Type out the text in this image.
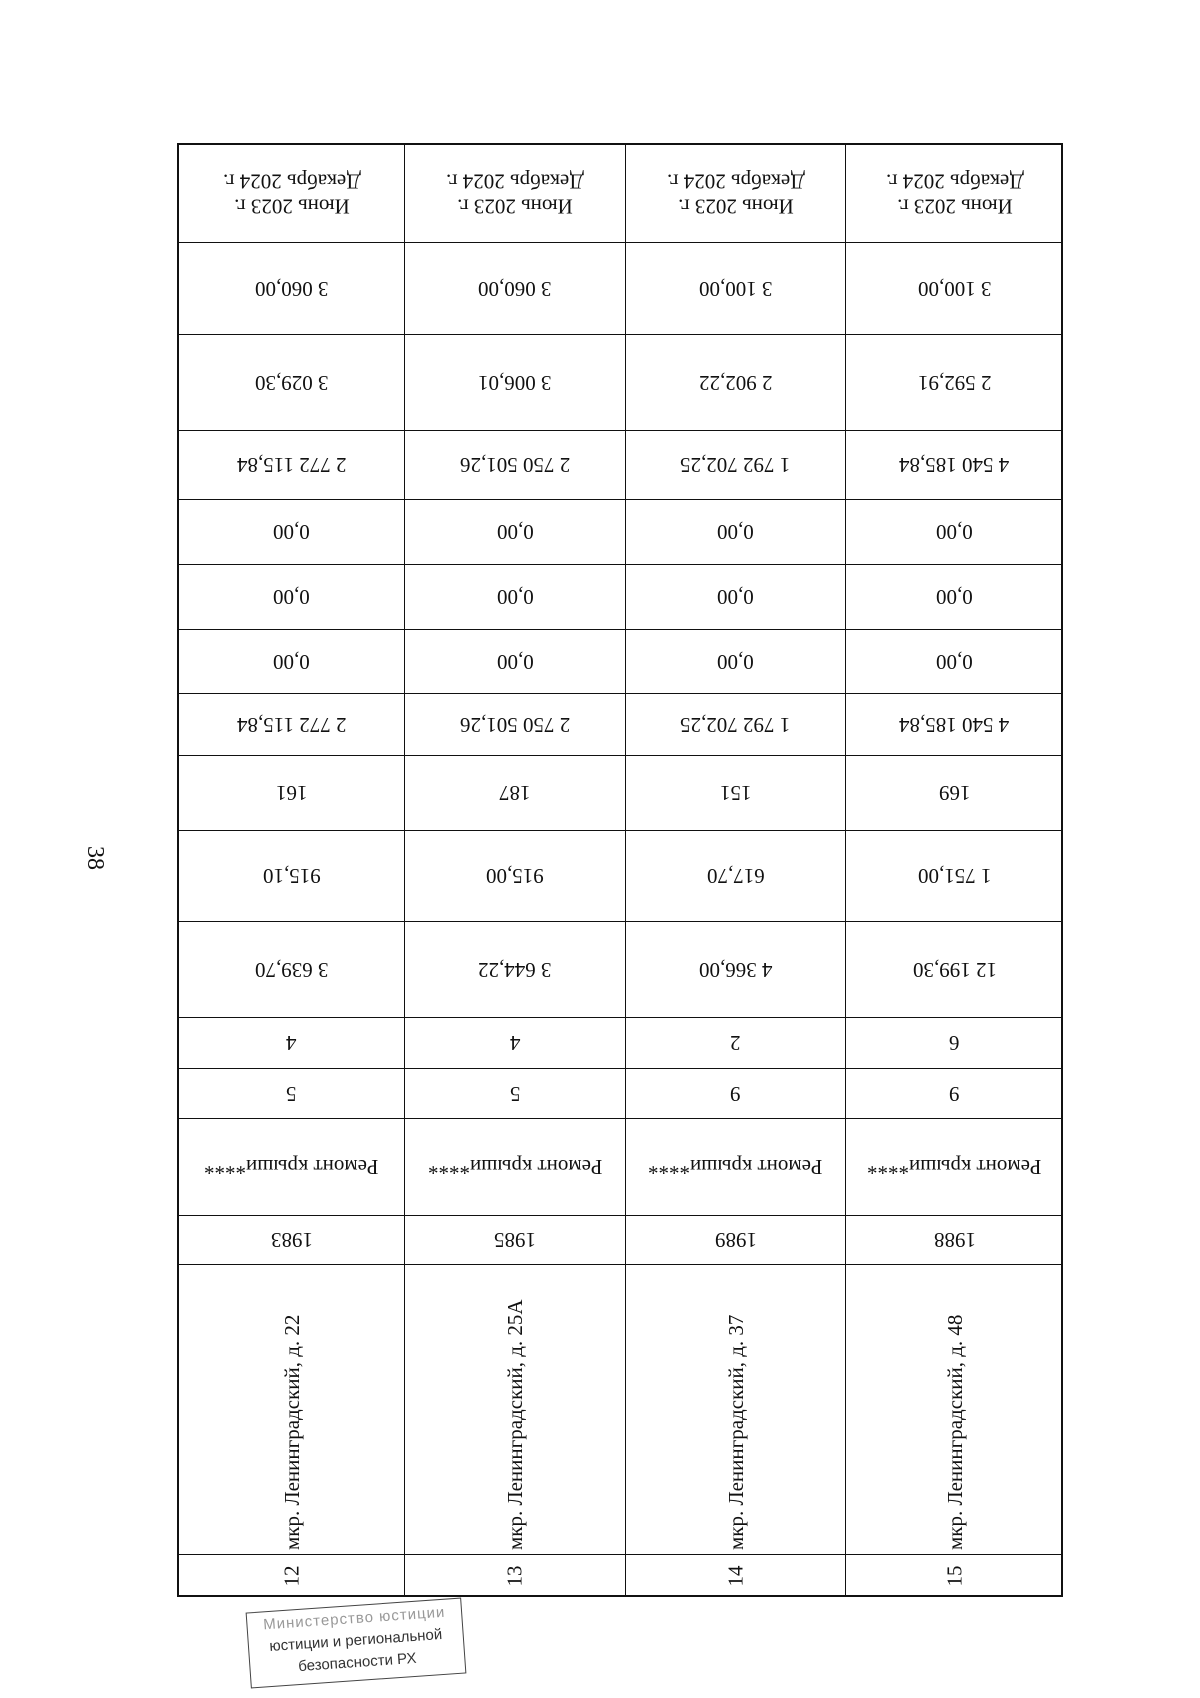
38
Июнь 2023 г.
Декабрь 2024 г.
3 060,00
3 029,30
2 772 115,84
0,00
0,00
0,00
2 772 115,84
161
915,10
3 639,70
4
5
Ремонт крыши****
1983
мкр. Ленинградский, д. 22
12
Июнь 2023 г.
Декабрь 2024 г.
3 060,00
3 006,01
2 750 501,26
0,00
0,00
0,00
2 750 501,26
187
915,00
3 644,22
4
5
Ремонт крыши****
1985
мкр. Ленинградский, д. 25А
13
Июнь 2023 г.
Декабрь 2024 г.
3 100,00
2 902,22
1 792 702,25
0,00
0,00
0,00
1 792 702,25
151
617,70
4 366,00
2
9
Ремонт крыши****
1989
мкр. Ленинградский, д. 37
14
Июнь 2023 г.
Декабрь 2024 г.
3 100,00
2 592,91
4 540 185,84
0,00
0,00
0,00
4 540 185,84
169
1 751,00
12 199,30
6
9
Ремонт крыши****
1988
мкр. Ленинградский, д. 48
15
Министерство юстиции
юстиции и региональной
безопасности РХ
